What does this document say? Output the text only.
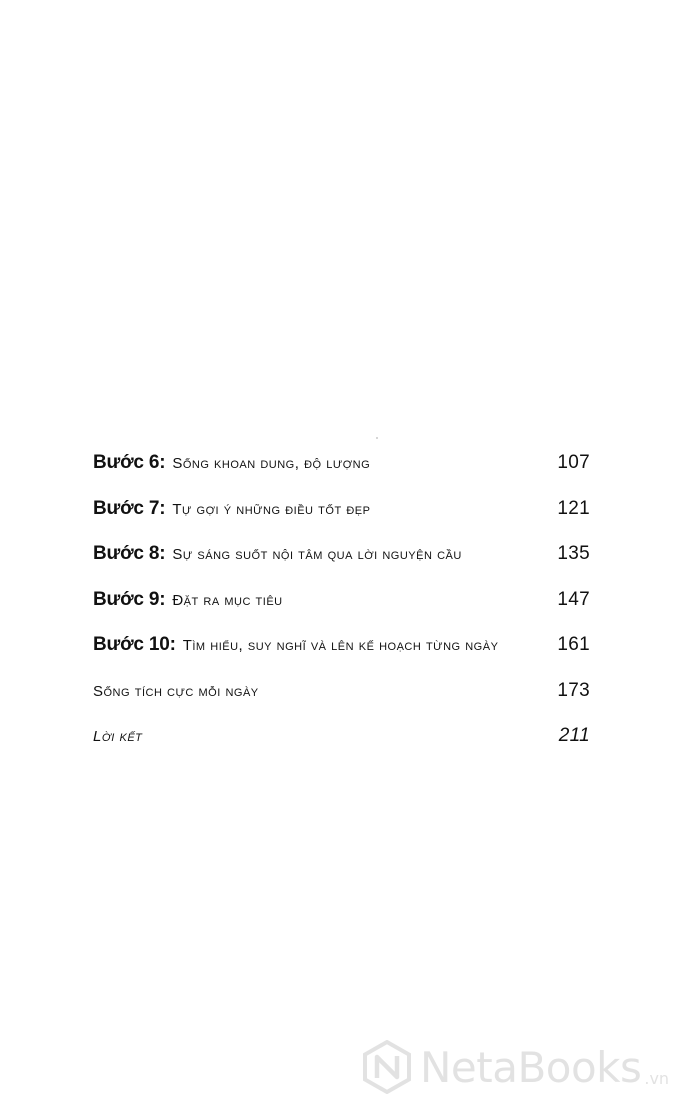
Bước 6: Sống khoan dung, độ lượng	107
Bước 7: Tự gợi ý những điều tốt đẹp	121
Bước 8: Sự sáng suốt nội tâm qua lời nguyện cầu	135
Bước 9: Đặt ra mục tiêu	147
Bước 10: Tìm hiểu, suy nghĩ và lên kế hoạch từng ngày	161
Sống tích cực mỗi ngày	173
Lời kết	211
NetaBooks .vn
